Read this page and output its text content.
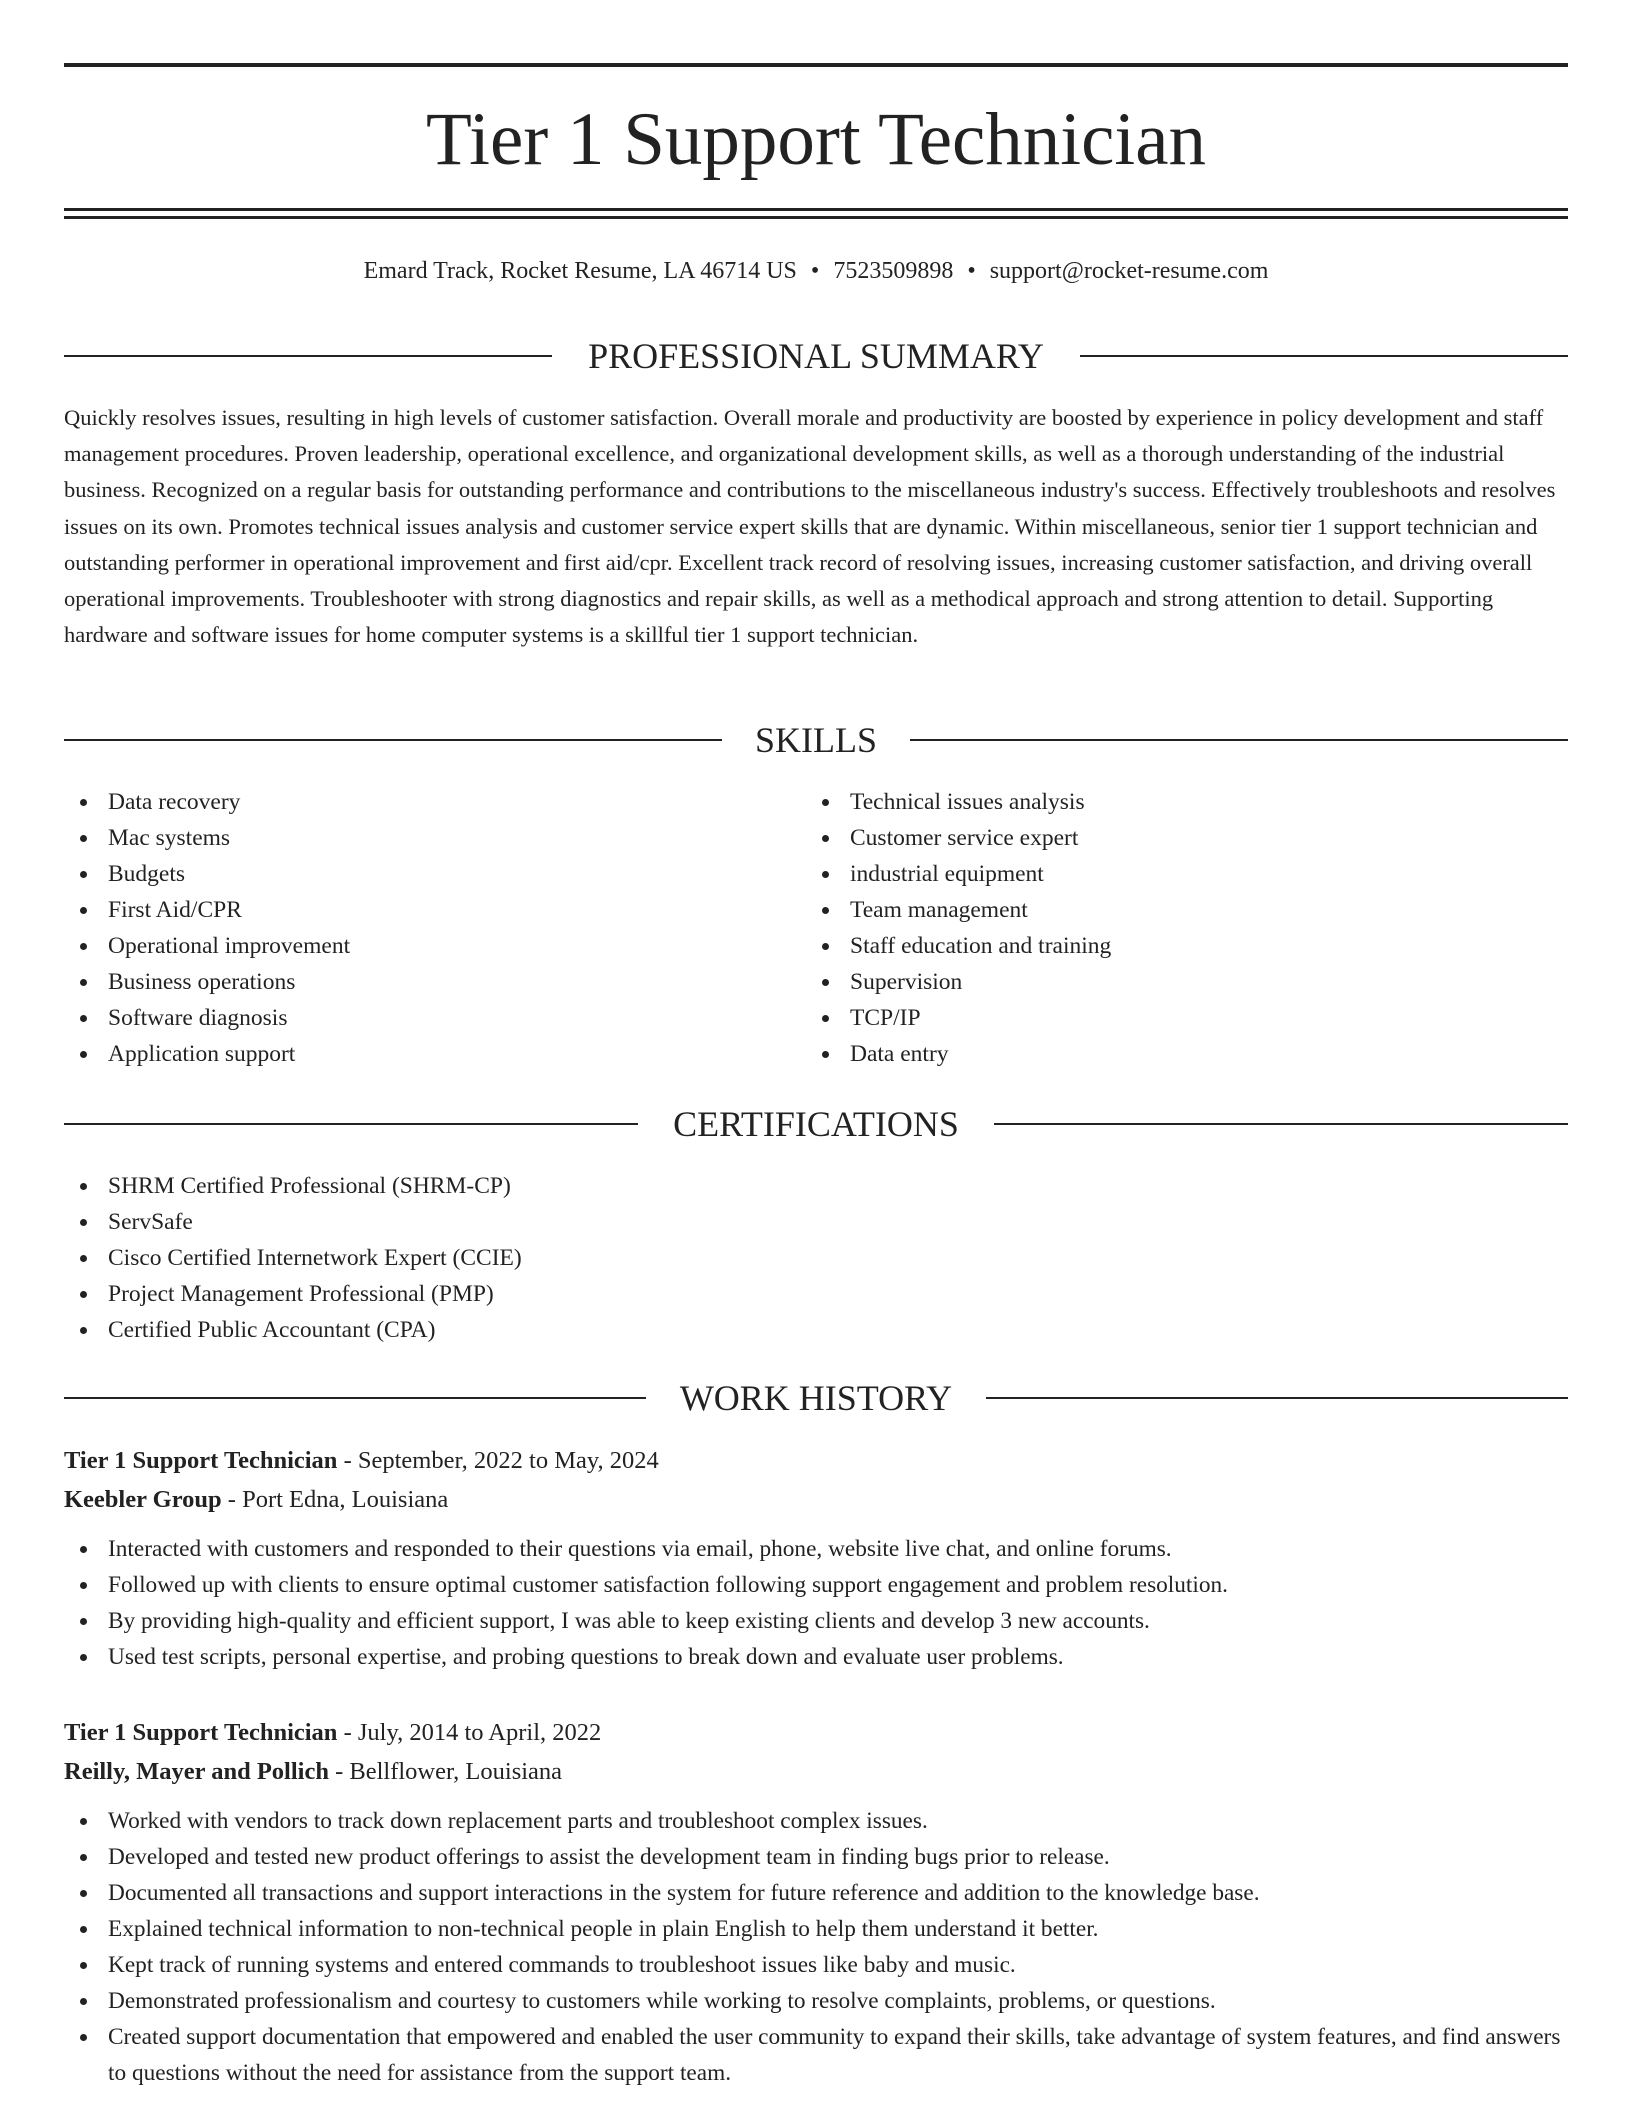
Tier 1 Support Technician
Emard Track, Rocket Resume, LA 46714 US • 7523509898 • support@rocket-resume.com
PROFESSIONAL SUMMARY

Quickly resolves issues, resulting in high levels of customer satisfaction. Overall morale and productivity are boosted by experience in policy development and staff management procedures. Proven leadership, operational excellence, and organizational development skills, as well as a thorough understanding of the industrial business. Recognized on a regular basis for outstanding performance and contributions to the miscellaneous industry's success. Effectively troubleshoots and resolves issues on its own. Promotes technical issues analysis and customer service expert skills that are dynamic. Within miscellaneous, senior tier 1 support technician and outstanding performer in operational improvement and first aid/cpr. Excellent track record of resolving issues, increasing customer satisfaction, and driving overall operational improvements. Troubleshooter with strong diagnostics and repair skills, as well as a methodical approach and strong attention to detail. Supporting hardware and software issues for home computer systems is a skillful tier 1 support technician.

SKILLS
Data recovery
Mac systems
Budgets
First Aid/CPR
Operational improvement
Business operations
Software diagnosis
Application support
Technical issues analysis
Customer service expert
industrial equipment
Team management
Staff education and training
Supervision
TCP/IP
Data entry
CERTIFICATIONS
SHRM Certified Professional (SHRM-CP)
ServSafe
Cisco Certified Internetwork Expert (CCIE)
Project Management Professional (PMP)
Certified Public Accountant (CPA)
WORK HISTORY
Tier 1 Support Technician - September, 2022 to May, 2024
Keebler Group - Port Edna, Louisiana
Interacted with customers and responded to their questions via email, phone, website live chat, and online forums.
Followed up with clients to ensure optimal customer satisfaction following support engagement and problem resolution.
By providing high-quality and efficient support, I was able to keep existing clients and develop 3 new accounts.
Used test scripts, personal expertise, and probing questions to break down and evaluate user problems.
Tier 1 Support Technician - July, 2014 to April, 2022
Reilly, Mayer and Pollich - Bellflower, Louisiana
Worked with vendors to track down replacement parts and troubleshoot complex issues.
Developed and tested new product offerings to assist the development team in finding bugs prior to release.
Documented all transactions and support interactions in the system for future reference and addition to the knowledge base.
Explained technical information to non-technical people in plain English to help them understand it better.
Kept track of running systems and entered commands to troubleshoot issues like baby and music.
Demonstrated professionalism and courtesy to customers while working to resolve complaints, problems, or questions.
Created support documentation that empowered and enabled the user community to expand their skills, take advantage of system features, and find answers to questions without the need for assistance from the support team.
